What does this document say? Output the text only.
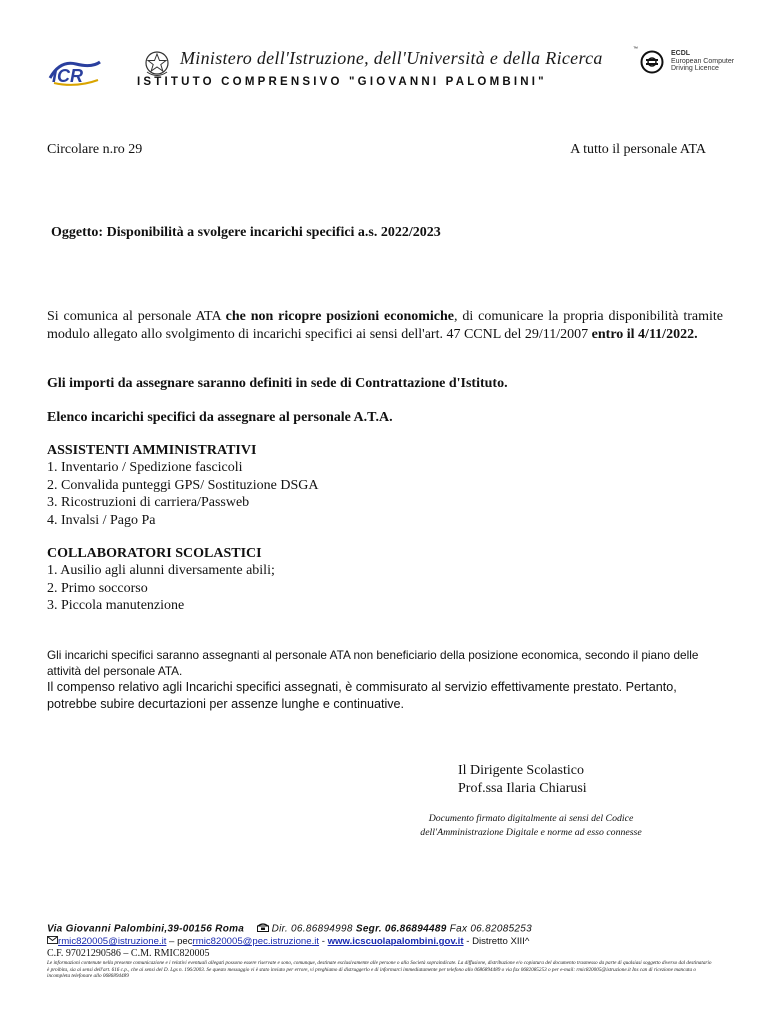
ICR
Ministero dell'Istruzione, dell'Università e della Ricerca
ISTITUTO COMPRENSIVO "GIOVANNI PALOMBINI"
™
ECDL
European Computer
Driving Licence
Circolare n.ro 29	A tutto il personale ATA
Oggetto: Disponibilità a svolgere incarichi specifici a.s. 2022/2023
Si comunica al personale ATA che non ricopre posizioni economiche, di comunicare la propria disponibilità tramite modulo allegato allo svolgimento di incarichi specifici ai sensi dell'art. 47 CCNL del 29/11/2007 entro il 4/11/2022.
Gli importi da assegnare saranno definiti in sede di Contrattazione d'Istituto.
Elenco incarichi specifici da assegnare al personale A.T.A.
ASSISTENTI AMMINISTRATIVI
1. Inventario / Spedizione fascicoli
2. Convalida punteggi GPS/ Sostituzione DSGA
3. Ricostruzioni di carriera/Passweb
4. Invalsi / Pago Pa
COLLABORATORI SCOLASTICI
1. Ausilio agli alunni diversamente abili;
2. Primo soccorso
3. Piccola manutenzione
Gli incarichi specifici saranno assegnanti al personale ATA non beneficiario della posizione economica, secondo il piano delle attività del personale ATA.
Il compenso relativo agli Incarichi specifici assegnati, è commisurato al servizio effettivamente prestato. Pertanto, potrebbe subire decurtazioni per assenze lunghe e continuative.
Il Dirigente Scolastico
Prof.ssa Ilaria Chiarusi
Documento firmato digitalmente ai sensi del Codice
dell'Amministrazione Digitale e norme ad esso connesse
Via Giovanni Palombini,39-00156 Roma	Dir. 06.86894998 Segr. 06.86894489 Fax 06.82085253
rmic820005@istruzione.it – pecrmic820005@pec.istruzione.it - www.icscuolapalombini.gov.it - Distretto XIII^
C.F. 97021290586 – C.M. RMIC820005
Le informazioni contenute nella presente comunicazione e i relativi eventuali allegati possono essere riservate e sono, comunque, destinate esclusivamente alle persone o alla Società sopraindicate. La diffusione, distribuzione e/o copiatura del documento trasmesso da parte di qualsiasi soggetto diverso dal destinatario è proibita, sia ai sensi dell'art. 616 c.p., che ai sensi del D. Lgs n. 196/2003. Se questo messaggio vi è stato inviato per errore, vi preghiamo di distruggerlo e di informarci immediatamente per telefono allo 0686894489 o via fax 0682085253 o per e-mail: rmic820005@istruzione.it Ins can di ricezione mancata o incompleta telefonare allo 0686894489
